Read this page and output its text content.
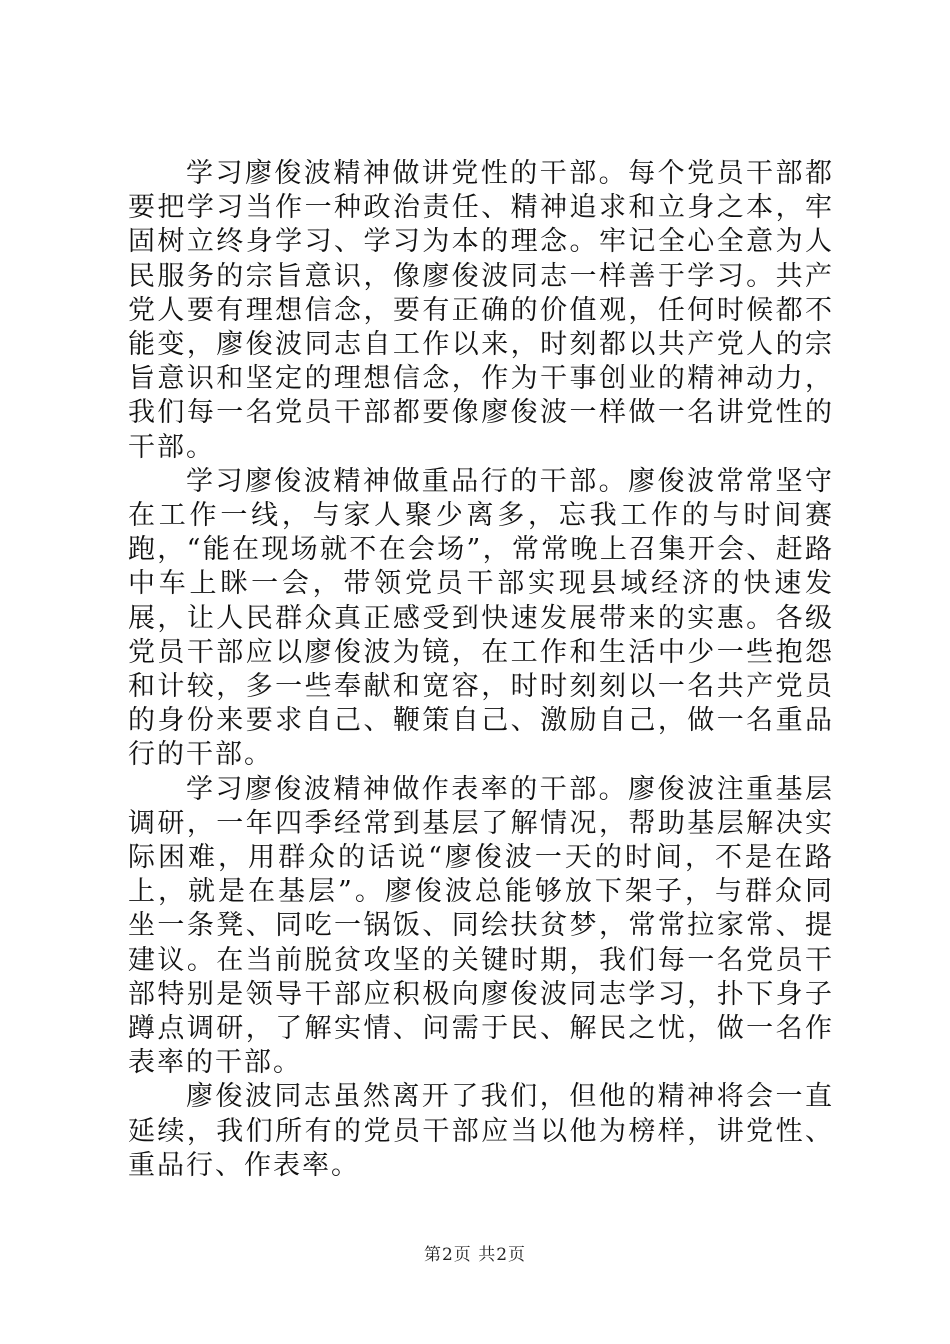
学习廖俊波精神做讲党性的干部。每个党员干部都要把学习当作一种政治责任、精神追求和立身之本，牢固树立终身学习、学习为本的理念。牢记全心全意为人民服务的宗旨意识，像廖俊波同志一样善于学习。共产党人要有理想信念，要有正确的价值观，任何时候都不能变，廖俊波同志自工作以来，时刻都以共产党人的宗旨意识和坚定的理想信念，作为干事创业的精神动力，我们每一名党员干部都要像廖俊波一样做一名讲党性的干部。

学习廖俊波精神做重品行的干部。廖俊波常常坚守在工作一线，与家人聚少离多，忘我工作的与时间赛跑，“能在现场就不在会场”，常常晚上召集开会、赶路中车上眯一会，带领党员干部实现县域经济的快速发展，让人民群众真正感受到快速发展带来的实惠。各级党员干部应以廖俊波为镜，在工作和生活中少一些抱怨和计较，多一些奉献和宽容，时时刻刻以一名共产党员的身份来要求自己、鞭策自己、激励自己，做一名重品行的干部。

学习廖俊波精神做作表率的干部。廖俊波注重基层调研，一年四季经常到基层了解情况，帮助基层解决实际困难，用群众的话说“廖俊波一天的时间，不是在路上，就是在基层”。廖俊波总能够放下架子，与群众同坐一条凳、同吃一锅饭、同绘扶贫梦，常常拉家常、提建议。在当前脱贫攻坚的关键时期，我们每一名党员干部特别是领导干部应积极向廖俊波同志学习，扑下身子蹲点调研，了解实情、问需于民、解民之忧，做一名作表率的干部。

廖俊波同志虽然离开了我们，但他的精神将会一直延续，我们所有的党员干部应当以他为榜样，讲党性、重品行、作表率。

第2页 共2页
